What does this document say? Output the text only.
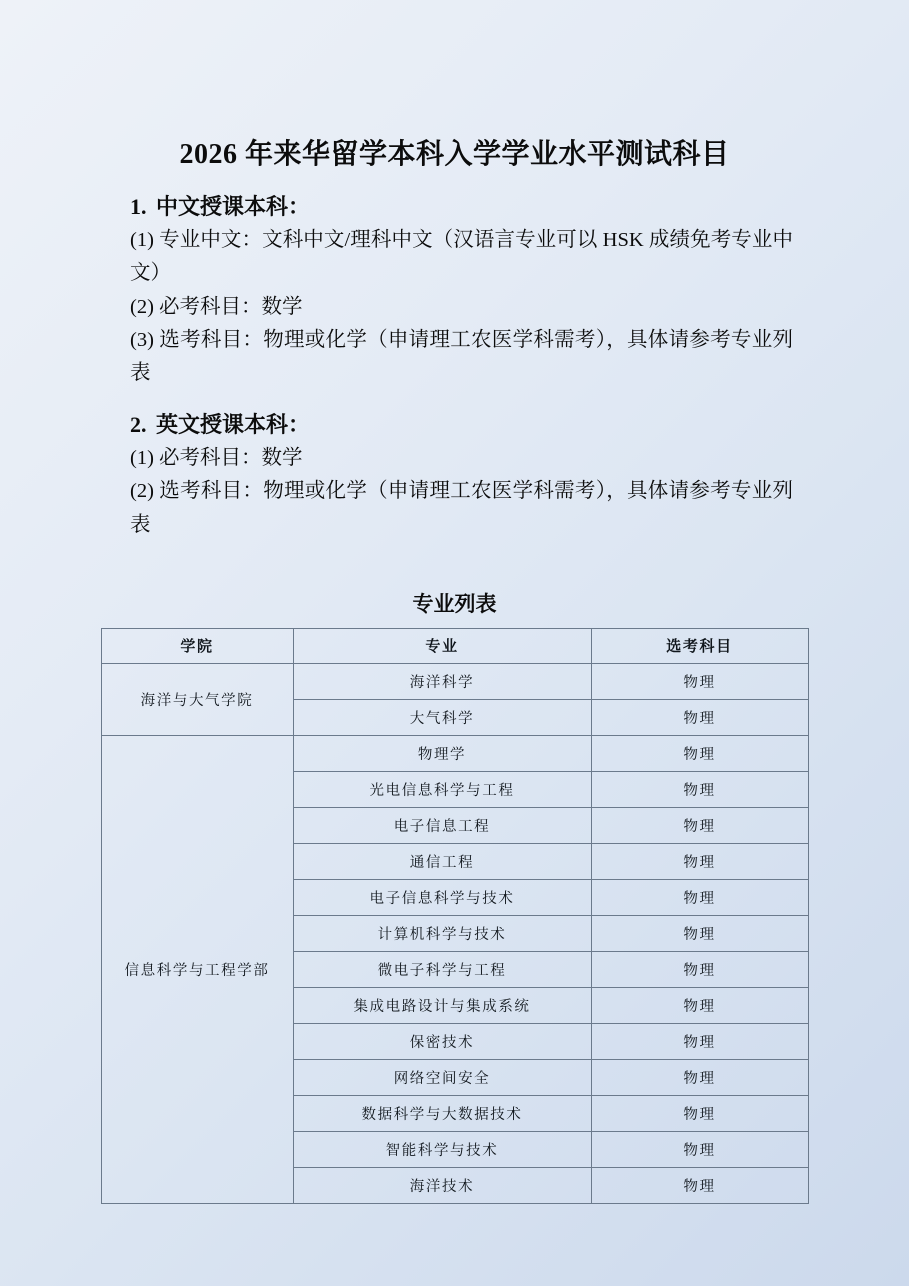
2026 年来华留学本科入学学业水平测试科目
1. 中文授课本科：

(1) 专业中文：文科中文/理科中文（汉语言专业可以 HSK 成绩免考专业中文）

(2) 必考科目：数学

(3) 选考科目：物理或化学（申请理工农医学科需考），具体请参考专业列表

2. 英文授课本科：

(1) 必考科目：数学

(2) 选考科目：物理或化学（申请理工农医学科需考），具体请参考专业列表

专业列表
学院	专业	选考科目
海洋与大气学院	海洋科学	物理
	大气科学	物理
信息科学与工程学部	物理学	物理
	光电信息科学与工程	物理
	电子信息工程	物理
	通信工程	物理
	电子信息科学与技术	物理
	计算机科学与技术	物理
	微电子科学与工程	物理
	集成电路设计与集成系统	物理
	保密技术	物理
	网络空间安全	物理
	数据科学与大数据技术	物理
	智能科学与技术	物理
	海洋技术	物理
